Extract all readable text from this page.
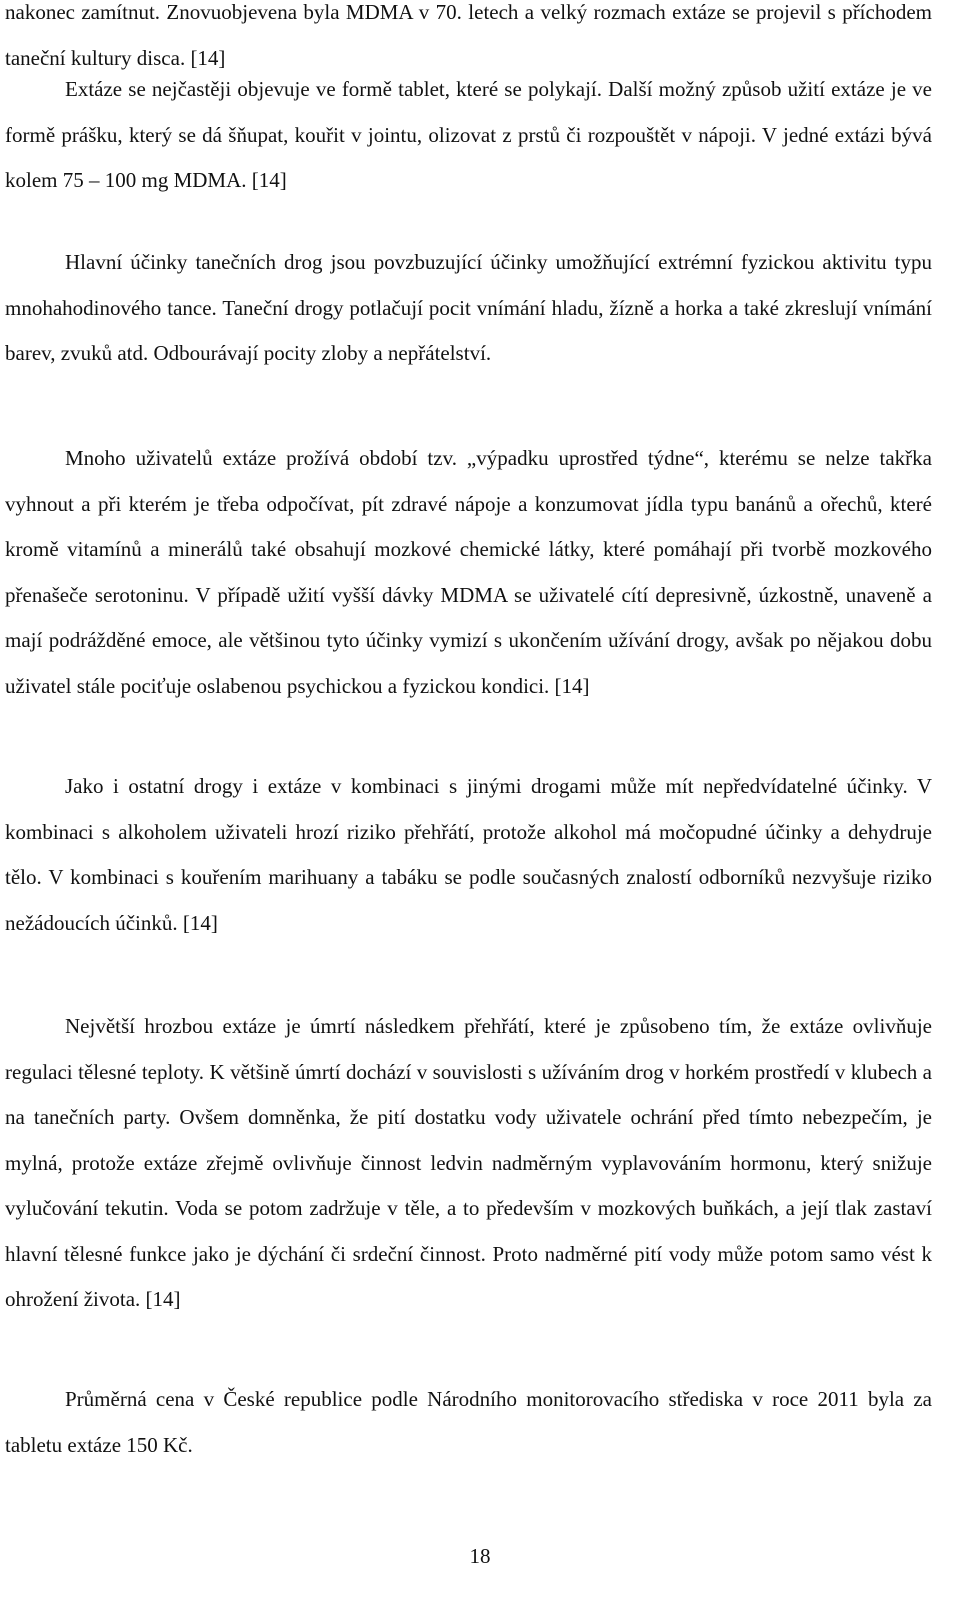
nakonec zamítnut. Znovuobjevena byla MDMA v 70. letech a velký rozmach extáze se projevil s příchodem taneční kultury disca. [14]

Extáze se nejčastěji objevuje ve formě tablet, které se polykají. Další možný způsob užití extáze je ve formě prášku, který se dá šňupat, kouřit v jointu, olizovat z prstů či rozpouštět v nápoji. V jedné extázi bývá kolem 75 – 100 mg MDMA. [14]

Hlavní účinky tanečních drog jsou povzbuzující účinky umožňující extrémní fyzickou aktivitu typu mnohahodinového tance. Taneční drogy potlačují pocit vnímání hladu, žízně a horka a také zkreslují vnímání barev, zvuků atd. Odbourávají pocity zloby a nepřátelství.

Mnoho uživatelů extáze prožívá období tzv. „výpadku uprostřed týdne“, kterému se nelze takřka vyhnout a při kterém je třeba odpočívat, pít zdravé nápoje a konzumovat jídla typu banánů a ořechů, které kromě vitamínů a minerálů také obsahují mozkové chemické látky, které pomáhají při tvorbě mozkového přenašeče serotoninu. V případě užití vyšší dávky MDMA se uživatelé cítí depresivně, úzkostně, unaveně a mají podrážděné emoce, ale většinou tyto účinky vymizí s ukončením užívání drogy, avšak po nějakou dobu uživatel stále pociťuje oslabenou psychickou a fyzickou kondici. [14]

Jako i ostatní drogy i extáze v kombinaci s jinými drogami může mít nepředvídatelné účinky. V kombinaci s alkoholem uživateli hrozí riziko přehřátí, protože alkohol má močopudné účinky a dehydruje tělo. V kombinaci s kouřením marihuany a tabáku se podle současných znalostí odborníků nezvyšuje riziko nežádoucích účinků. [14]

Největší hrozbou extáze je úmrtí následkem přehřátí, které je způsobeno tím, že extáze ovlivňuje regulaci tělesné teploty. K většině úmrtí dochází v souvislosti s užíváním drog v horkém prostředí v klubech a na tanečních party. Ovšem domněnka, že pití dostatku vody uživatele ochrání před tímto nebezpečím, je mylná, protože extáze zřejmě ovlivňuje činnost ledvin nadměrným vyplavováním hormonu, který snižuje vylučování tekutin. Voda se potom zadržuje v těle, a to především v mozkových buňkách, a její tlak zastaví hlavní tělesné funkce jako je dýchání či srdeční činnost. Proto nadměrné pití vody může potom samo vést k ohrožení života. [14]

Průměrná cena v České republice podle Národního monitorovacího střediska v roce 2011 byla za tabletu extáze 150 Kč.

18
